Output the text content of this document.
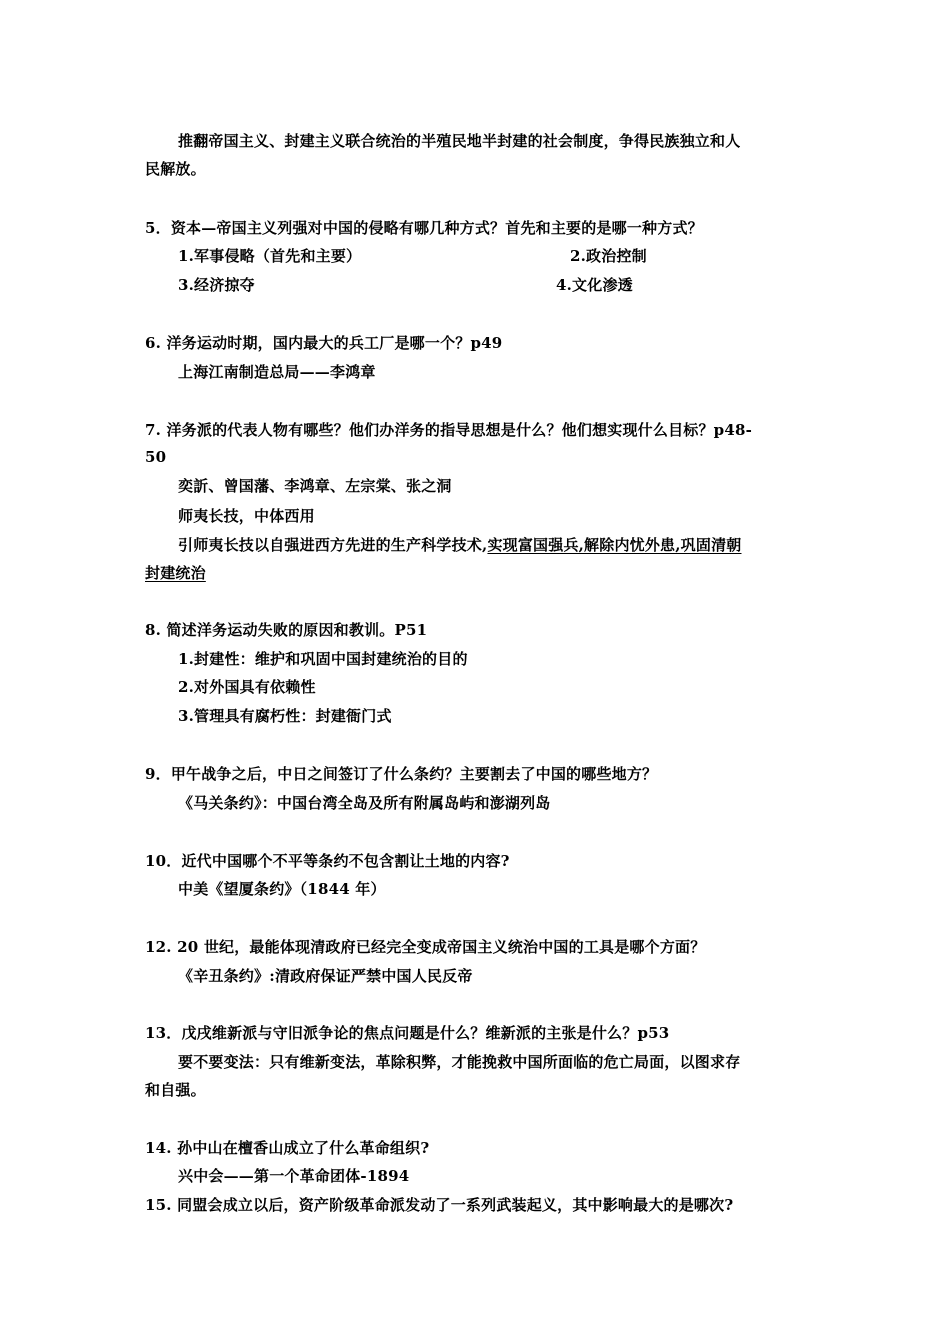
推翻帝国主义、封建主义联合统治的半殖民地半封建的社会制度，争得民族独立和人
民解放。
5．资本—帝国主义列强对中国的侵略有哪几种方式？首先和主要的是哪一种方式？
1.军事侵略（首先和主要）	2.政治控制
3.经济掠夺	4.文化渗透
6. 洋务运动时期，国内最大的兵工厂是哪一个？p49
上海江南制造总局——李鸿章
7. 洋务派的代表人物有哪些？他们办洋务的指导思想是什么？他们想实现什么目标？p48-
50
奕訢、曾国藩、李鸿章、左宗棠、张之洞
师夷长技，中体西用
引师夷长技以自强进西方先进的生产科学技术,实现富国强兵,解除内忧外患,巩固清朝
封建统治
8. 简述洋务运动失败的原因和教训。P51
1.封建性：维护和巩固中国封建统治的目的
2.对外国具有依赖性
3.管理具有腐朽性：封建衙门式
9．甲午战争之后，中日之间签订了什么条约？主要割去了中国的哪些地方？
《马关条约》：中国台湾全岛及所有附属岛屿和澎湖列岛
10．近代中国哪个不平等条约不包含割让土地的内容?
中美《望厦条约》（1844 年）
12. 20 世纪，最能体现清政府已经完全变成帝国主义统治中国的工具是哪个方面？
《辛丑条约》:清政府保证严禁中国人民反帝
13．戊戌维新派与守旧派争论的焦点问题是什么？维新派的主张是什么？p53
要不要变法：只有维新变法，革除积弊，才能挽救中国所面临的危亡局面，以图求存
和自强。
14. 孙中山在檀香山成立了什么革命组织?
兴中会——第一个革命团体-1894
15. 同盟会成立以后，资产阶级革命派发动了一系列武装起义，其中影响最大的是哪次?
